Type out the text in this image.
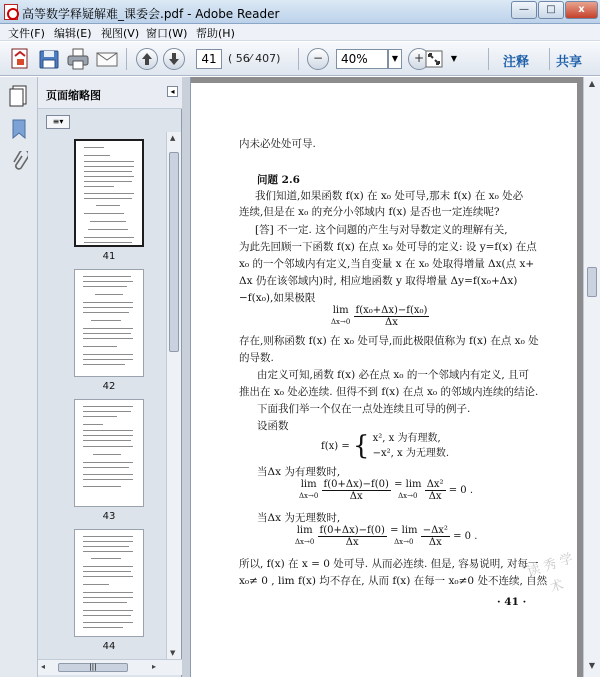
高等数学释疑解难_课委会.pdf - Adobe Reader	—	□	x
文件(F) 编辑(E) 视图(V) 窗口(W) 帮助(H)
41	( 56⁄ 407)	−	40%	▼	+	▼	注释 共享
页面缩略图	◂
≡▾
41
42
43
44
▲
▼
◂	|||	▸
内未必处处可导.
问题 2.6
我们知道,如果函数 f(x) 在 x₀ 处可导,那末 f(x) 在 x₀ 处必
连续,但是在 x₀ 的充分小邻域内 f(x) 是否也一定连续呢?
[答] 不一定. 这个问题的产生与对导数定义的理解有关,
为此先回顾一下函数 f(x) 在点 x₀ 处可导的定义: 设 y=f(x) 在点
x₀ 的一个邻域内有定义,当自变量 x 在 x₀ 处取得增量 Δx(点 x+
Δx 仍在该邻域内)时, 相应地函数 y 取得增量 Δy=f(x₀+Δx)
−f(x₀),如果极限
lim
$\Delta x\to 0 \frac{\text{f(x₀+Δx)−f(x₀)}}{\Delta x}$
存在,则称函数 f(x) 在 x₀ 处可导,而此极限值称为 f(x) 在点 x₀ 处
的导数.
由定义可知,函数 f(x) 必在点 x₀ 的一个邻域内有定义, 且可
推出在 x₀ 处必连续. 但得不到 f(x) 在点 x₀ 的邻域内连续的结论.
下面我们举一个仅在一点处连续且可导的例子.
设函数
f(x) = { x², x 为有理数,
−x², x 为无理数.
当Δx 为有理数时,
lim
$\Delta x\to 0 \frac{f(0+\Delta x)-f(0)}{\Delta x} = \lim$
$\Delta x\to 0 \frac{\text{Δx²}}{\Delta x} = 0$ .
当Δx 为无理数时,
lim
$\Delta x\to 0 \frac{f(0+\Delta x)-f(0)}{\Delta x} = \lim$
$\Delta x\to 0 \frac{\text{−Δx²}}{\Delta x} = 0$ .
所以, f(x) 在 x = 0 处可导. 从而必连续. 但是, 容易说明, 对每一
x₀≠ 0 , lim f(x) 均不存在, 从而 f(x) 在每一 x₀≠0 处不连续, 自然
· 41 ·
读 秀 学 术
▲
▼
